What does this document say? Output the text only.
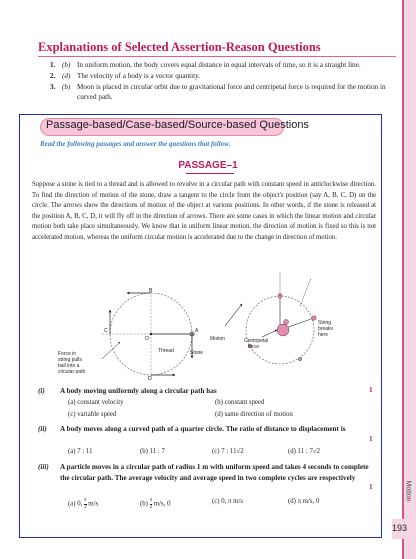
Motion
193
Explanations of Selected Assertion-Reason Questions
1. (b) In uniform motion, the body covers equal distance in equal intervals of time, so it is a straight line.
2. (d) The velocity of a body is a vector quantity.
3. (b) Moon is placed in circular orbit due to gravitational force and centripetal force is required for the motion in curved path.
Passage-based/Case-based/Source-based Questions
Read the following passages and answer the questions that follow.
PASSAGE–1
Suppose a stone is tied to a thread and is allowed to revolve in a circular path with constant speed in anticlockwise direction. To find the direction of motion of the stone, draw a tangent to the circle from the object's position (say A, B, C, D) on the circle. The arrows show the directions of motion of the object at various positions. In other words, if the stone is released at the position A, B, C, D, it will fly off in the direction of arrows. There are some cases in which the linear motion and circular motion both take place simultaneously. We know that in uniform linear motion, the direction of motion is fixed so this is not accelerated motion, whereas the uniform circular motion is accelerated due to the change in direction of motion.
B
A
C
D
O
Thread	Stone
Force in
string pulls
ball into a
circular path
Motion	Centripetal
force
String
breaks
here
(i)	A body moving uniformly along a circular path has	1
(a) constant velocity	(b) constant speed
(c) variable speed	(d) same direction of motion
(ii)	A body moves along a curved path of a quarter circle. The ratio of distance to displacement is
1
(a) 7 : 11	(b) 11 : 7	(c) 7 : 11√2	(d) 11 : 7√2
(iii)	A particle moves in a circular path of radius 1 m with uniform speed and takes 4 seconds to complete the circular path. The average velocity and average speed in two complete cycles are respectively
1
(a) 0, $\frac{\pi}{2} m/s$	$(b) \frac{\pi}{2} m/s$, 0	(c) 0, π m/s	(d) π m/s, 0
